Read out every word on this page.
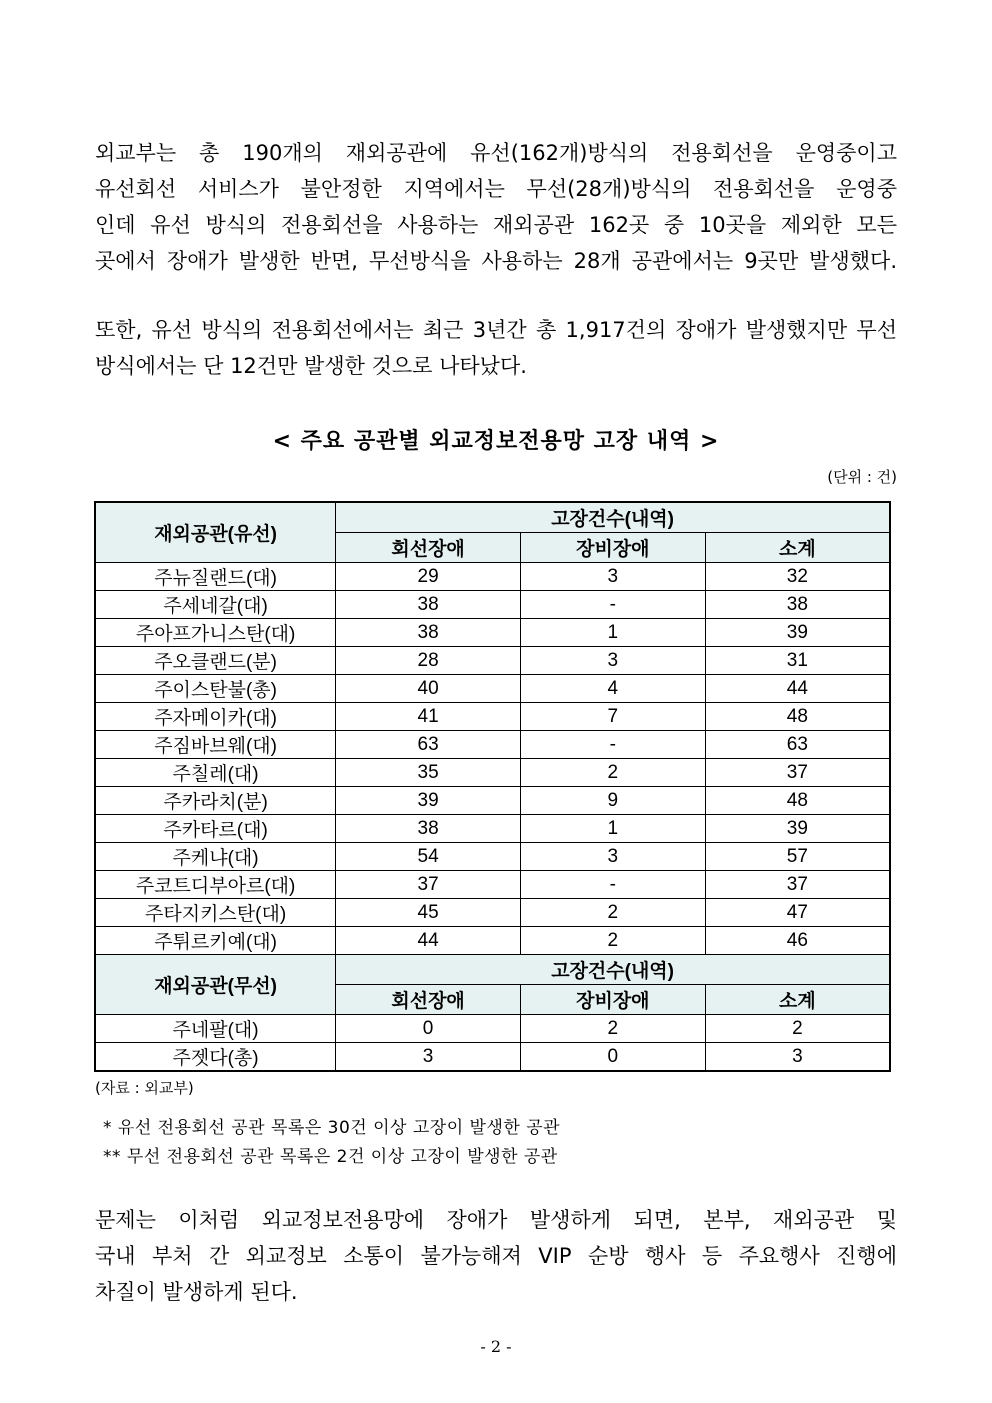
외교부는 총 190개의 재외공관에 유선(162개)방식의 전용회선을 운영중이고
유선회선 서비스가 불안정한 지역에서는 무선(28개)방식의 전용회선을 운영중
인데 유선 방식의 전용회선을 사용하는 재외공관 162곳 중 10곳을 제외한 모든
곳에서 장애가 발생한 반면, 무선방식을 사용하는 28개 공관에서는 9곳만 발생했다.
또한, 유선 방식의 전용회선에서는 최근 3년간 총 1,917건의 장애가 발생했지만 무선
방식에서는 단 12건만 발생한 것으로 나타났다.
< 주요 공관별 외교정보전용망 고장 내역 >
(단위 : 건)
재외공관(유선)	고장건수(내역)		
	회선장애	장비장애	소계
주뉴질랜드(대)	29	3	32
주세네갈(대)	38	-	38
주아프가니스탄(대)	38	1	39
주오클랜드(분)	28	3	31
주이스탄불(총)	40	4	44
주자메이카(대)	41	7	48
주짐바브웨(대)	63	-	63
주칠레(대)	35	2	37
주카라치(분)	39	9	48
주카타르(대)	38	1	39
주케냐(대)	54	3	57
주코트디부아르(대)	37	-	37
주타지키스탄(대)	45	2	47
주튀르키예(대)	44	2	46
재외공관(무선)	고장건수(내역)		
	회선장애	장비장애	소계
주네팔(대)	0	2	2
주젯다(총)	3	0	3
(자료 : 외교부)
* 유선 전용회선 공관 목록은 30건 이상 고장이 발생한 공관
** 무선 전용회선 공관 목록은 2건 이상 고장이 발생한 공관
문제는 이처럼 외교정보전용망에 장애가 발생하게 되면, 본부, 재외공관 및
국내 부처 간 외교정보 소통이 불가능해져 VIP 순방 행사 등 주요행사 진행에
차질이 발생하게 된다.
- 2 -
